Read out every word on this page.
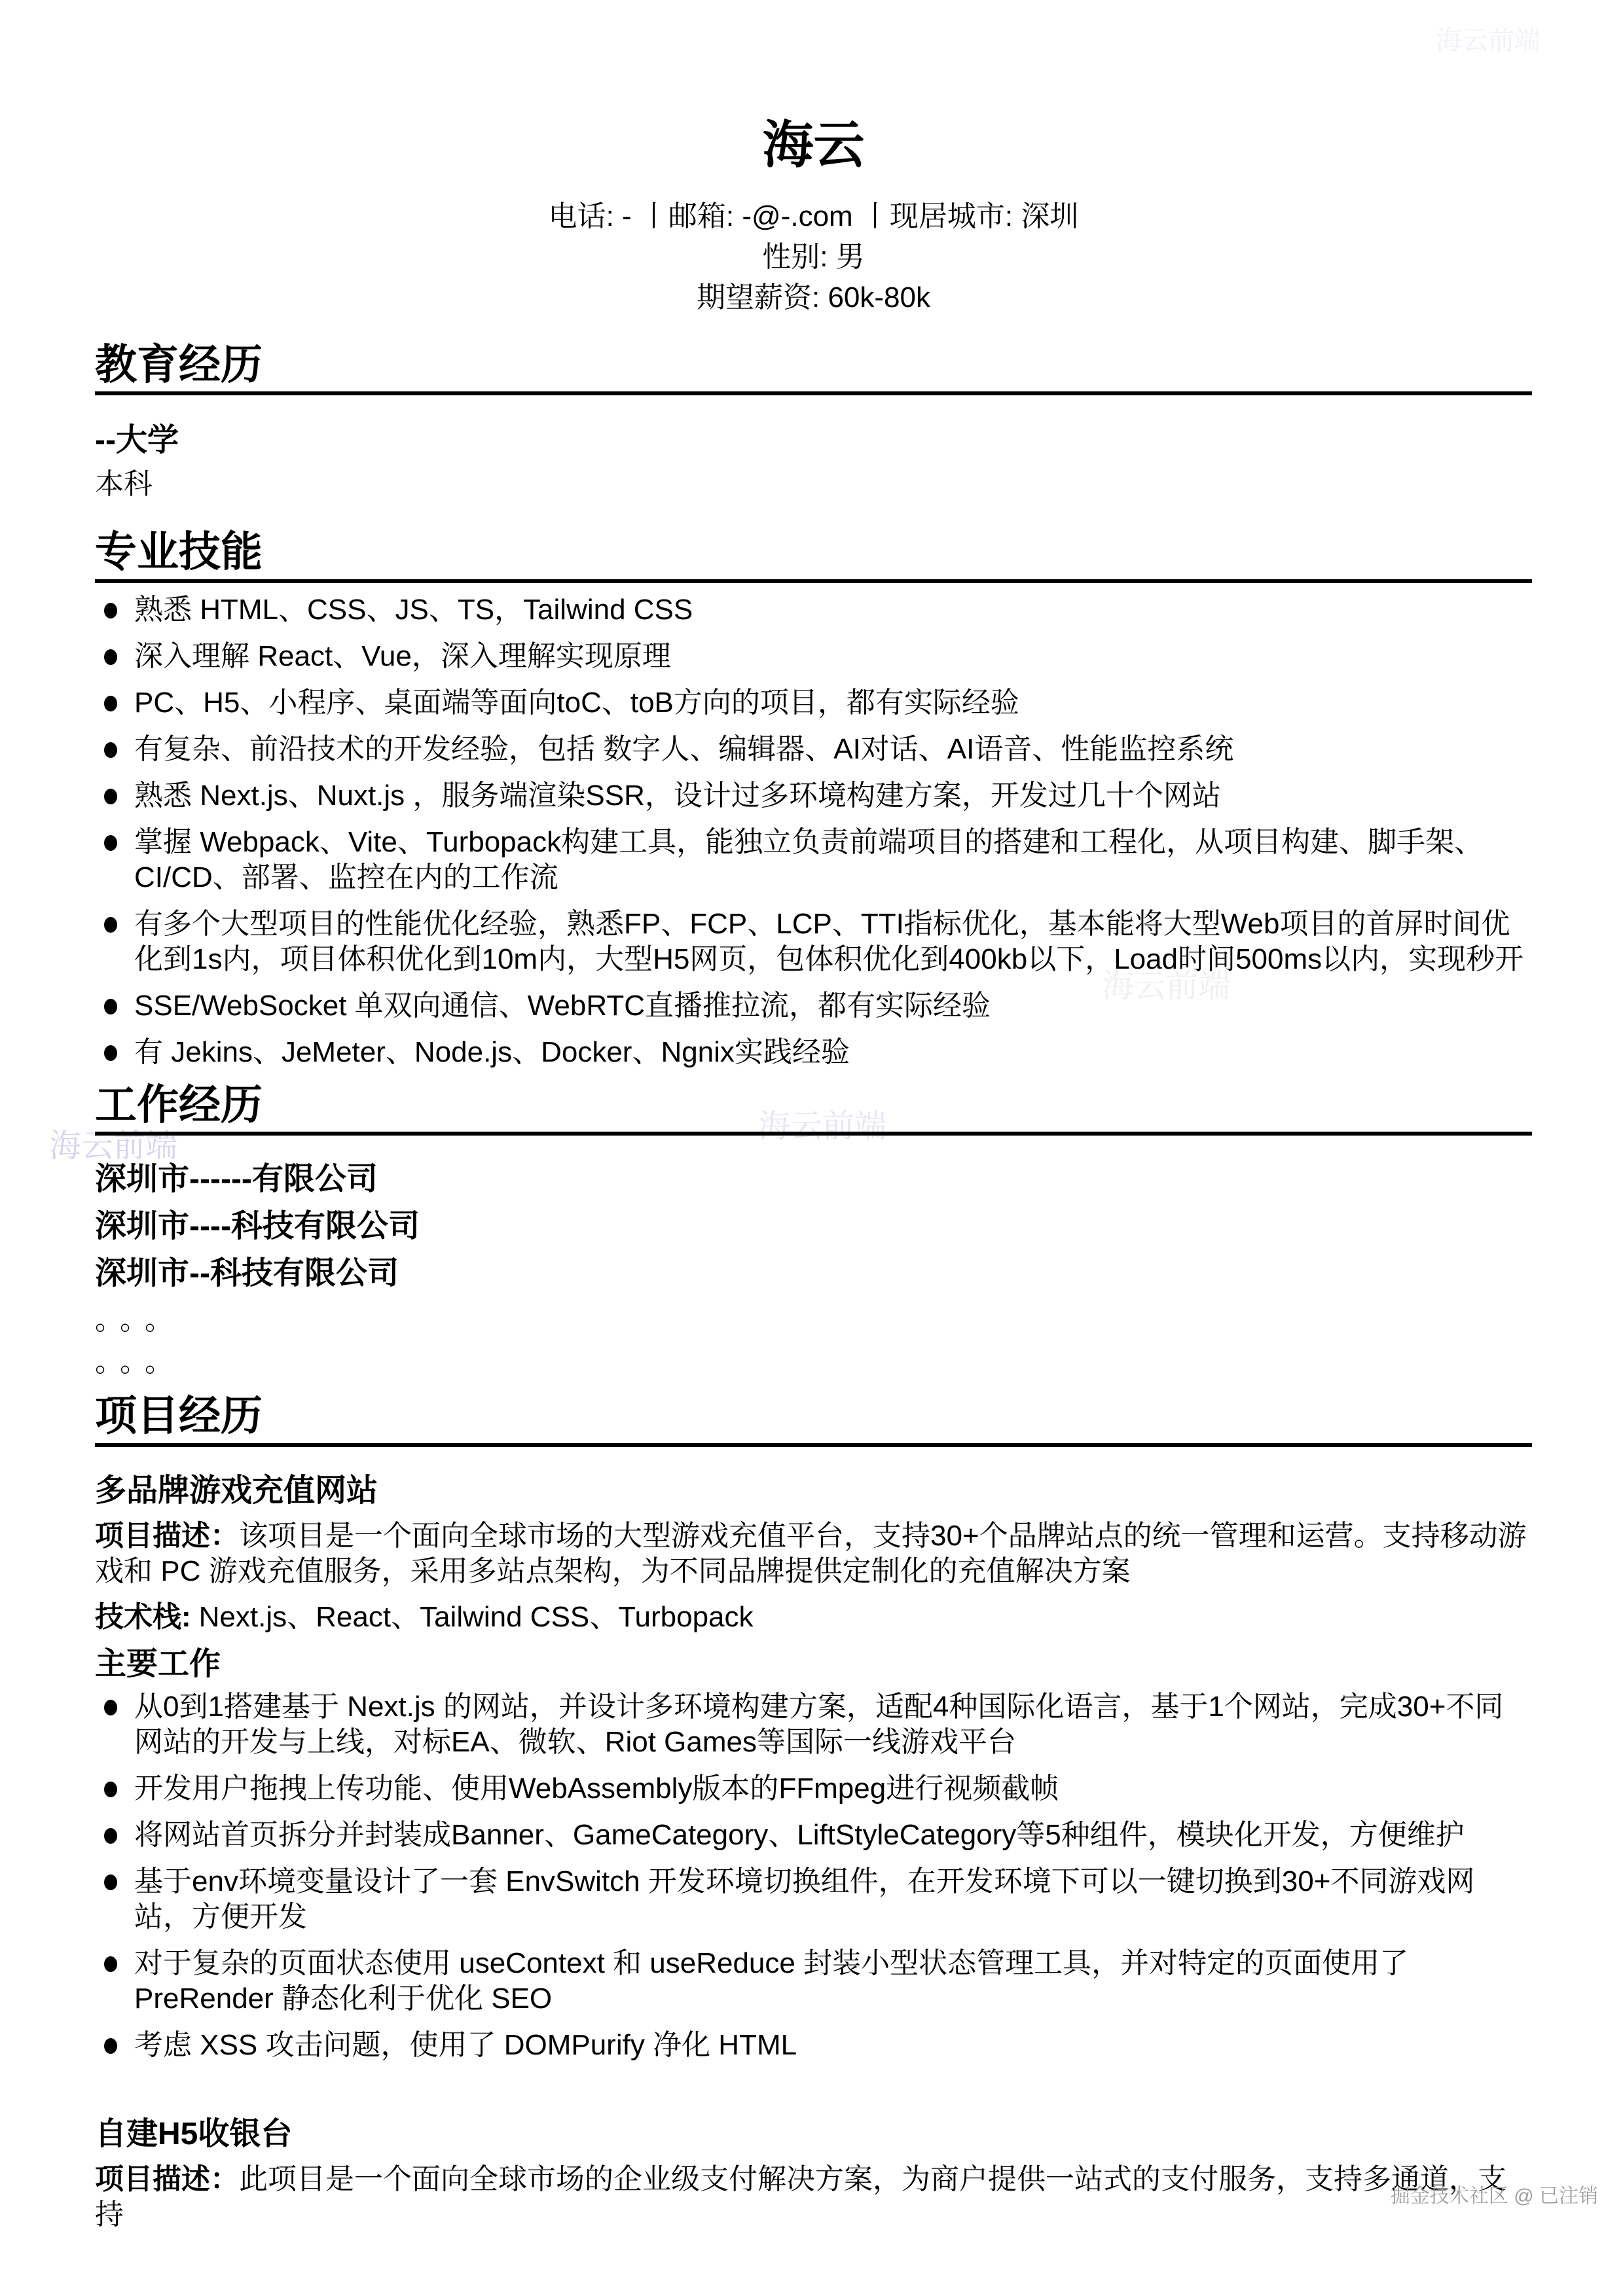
海云前端
海云前端
海云前端
海云前端
海云
电话: - 丨邮箱: -@-.com 丨现居城市: 深圳
性别: 男
期望薪资: 60k-80k
教育经历
--大学
本科
专业技能
熟悉 HTML、CSS、JS、TS，Tailwind CSS
深入理解 React、Vue，深入理解实现原理
PC、H5、小程序、桌面端等面向toC、toB方向的项目，都有实际经验
有复杂、前沿技术的开发经验，包括 数字人、编辑器、AI对话、AI语音、性能监控系统
熟悉 Next.js、Nuxt.js ，服务端渲染SSR，设计过多环境构建方案，开发过几十个网站
掌握 Webpack、Vite、Turbopack构建工具，能独立负责前端项目的搭建和工程化，从项目构建、脚手架、CI/CD、部署、监控在内的工作流
有多个大型项目的性能优化经验，熟悉FP、FCP、LCP、TTI指标优化，基本能将大型Web项目的首屏时间优化到1s内，项目体积优化到10m内，大型H5网页，包体积优化到400kb以下，Load时间500ms以内，实现秒开
SSE/WebSocket 单双向通信、WebRTC直播推拉流，都有实际经验
有 Jekins、JeMeter、Node.js、Docker、Ngnix实践经验
工作经历
深圳市------有限公司
深圳市----科技有限公司
深圳市--科技有限公司
。。。
。。。
项目经历
多品牌游戏充值网站

项目描述：该项目是一个面向全球市场的大型游戏充值平台，支持30+个品牌站点的统一管理和运营。支持移动游戏和 PC 游戏充值服务，采用多站点架构，为不同品牌提供定制化的充值解决方案

技术栈: Next.js、React、Tailwind CSS、Turbopack

主要工作
从0到1搭建基于 Next.js 的网站，并设计多环境构建方案，适配4种国际化语言，基于1个网站，完成30+不同网站的开发与上线，对标EA、微软、Riot Games等国际一线游戏平台
开发用户拖拽上传功能、使用WebAssembly版本的FFmpeg进行视频截帧
将网站首页拆分并封装成Banner、GameCategory、LiftStyleCategory等5种组件，模块化开发，方便维护
基于env环境变量设计了一套 EnvSwitch 开发环境切换组件，在开发环境下可以一键切换到30+不同游戏网站，方便开发
对于复杂的页面状态使用 useContext 和 useReduce 封装小型状态管理工具，并对特定的页面使用了 PreRender 静态化利于优化 SEO
考虑 XSS 攻击问题，使用了 DOMPurify 净化 HTML
自建H5收银台

项目描述：此项目是一个面向全球市场的企业级支付解决方案，为商户提供一站式的支付服务，支持多通道，支持

掘金技术社区 @ 已注销
